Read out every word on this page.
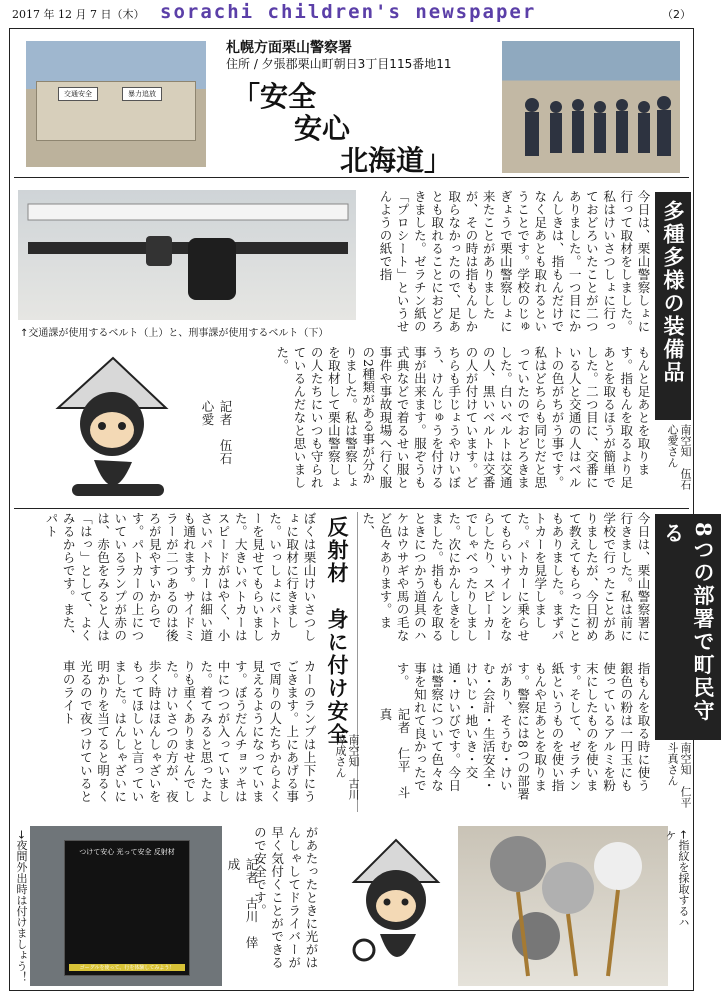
2017 年 12 月 7 日（木） sorachi children's newspaper	（2）
交通安全	暴力追放
札幌方面栗山警察署
住所 / 夕張郡栗山町朝日3丁目115番地11
「安全
安心
北海道」
↑交通課が使用するベルト（上）と、刑事課が使用するベルト（下）	多種多様の装備品
南空知　伍石心愛さん
今日は、栗山警察しょに行って取材をしました。私はけいさつしょに行っておどろいたことが二つありました。一つ目にかんしきは、指もんだけでなく足あとも取れるということです。学校のじゅぎょうで栗山警察しょに来たことがありましたが、その時は指もんしか取らなかったので、足あとも取れることにおどろきました。ゼラチン紙の「プロシート」というせんようの紙で指
もんと足あとを取ります。指もんを取るより足あとを取るほうが簡単でした。二つ目に、交番にいる人と交通の人はベルトの色がちがう事です。私はどちらも同じだと思っていたのでおどろきました。白いベルトは交通の人、黒いベルトは交番の人が付けています。どちらも手じょうやけいぼう、けんじゅうを付ける事が出来ます。服ぞうも式典などで着るせい服と事件や事故現場へ行く服の2種類がある事が分かりました。私は警察しょを取材して栗山警察しょの人たちにいつも守られているんだなと思いました。
記者　伍石　心愛
8つの部署で町民守る
南空知　仁平斗真さん
今日は、栗山警察署に行きました。私は前に学校で行ったことがありましたが、今日初めて教えてもらったこともありました。まずパトカーを見学しました。パトカーに乗らせてもらいサイレンをならしたり、スピーカーでしゃべったりしました。次にかんしきをしました。指もんを取るときにつかう道具のハケはウサギや馬の毛など色々あります。また、
指もんを取る時に使う銀色の粉は一円玉にも使っているアルミを粉末にしたものを使います。そして、ゼラチン紙というものを使い指もんや足あとを取ります。警察には8つの部署があり、そうむ・けいむ・会計・生活安全・けいじ・地いき・交通・けいびです。今日は警察について色々な事を知れて良かったです。
記者　仁平　斗真
反射材　身に付け安全
南空知　古川倖成さん
ぼくは栗山けいさつしょに取材に行きました。いっしょにパトカーを見せてもらいました。大きいパトカーはスピードがはやく、小さいパトカーは細い道も通れます。サイドミラーが二つあるのは後ろが見やすいからです。パトカーの上についているランプが赤のは、赤色をみると人は「はっ」として、よくみるからです。また、パト
カーのランプは上下にうごきます。上にあげる事で周りの人たちからよく見えるようになっています。ぼうだんチョッキは中につつが入っていました。着てみると思ったよりも重くありませんでした。けいさつの方が、夜歩く時はほんしゃざいをもってほしいと言っていました。はんしゃざいに明かりを当てると明るく光るので夜つけていると車のライト
→夜間外出時は付けましょう！	つけて安心 光って安全 反射材
ゴーグルを使って、行を体験してみよう！	があたったときに光がはんしゃしてドライバーが早く気付くことができるので安全です。
記者　古川　倖成	←指紋を採取するハケ
